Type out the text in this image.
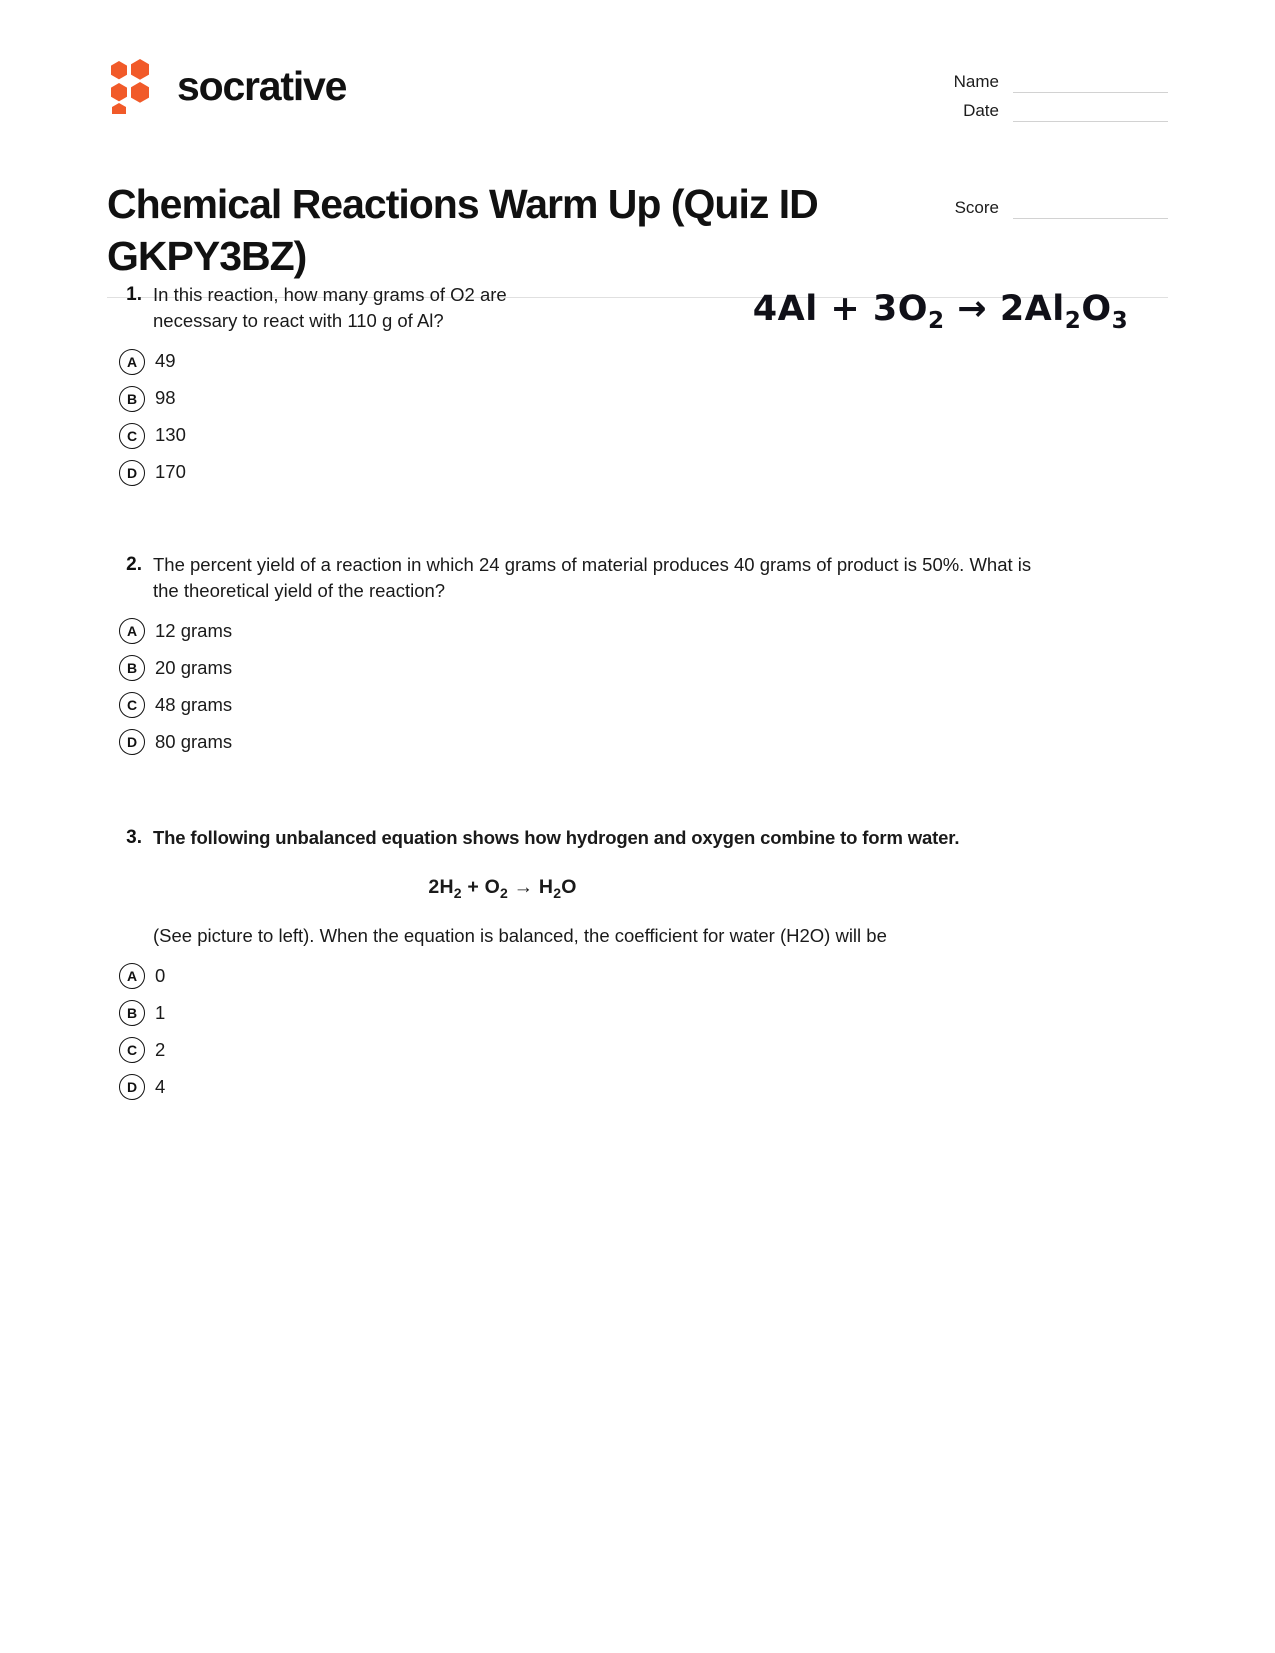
socrative	Name
Date
Score
Chemical Reactions Warm Up (Quiz ID GKPY3BZ)
1. In this reaction, how many grams of O2 are necessary to react with 110 g of Al?	$4Al + 3O_2 \to 2Al_2O_3$
A 49
B 98
C 130
D 170
2. The percent yield of a reaction in which 24 grams of material produces 40 grams of product is 50%. What is the theoretical yield of the reaction?
A 12 grams
B 20 grams
C 48 grams
D 80 grams
3. The following unbalanced equation shows how hydrogen and oxygen combine to form water.
$2H_2 + O_2 \to H_2O$
(See picture to left). When the equation is balanced, the coefficient for water (H2O) will be
A 0
B 1
C 2
D 4
